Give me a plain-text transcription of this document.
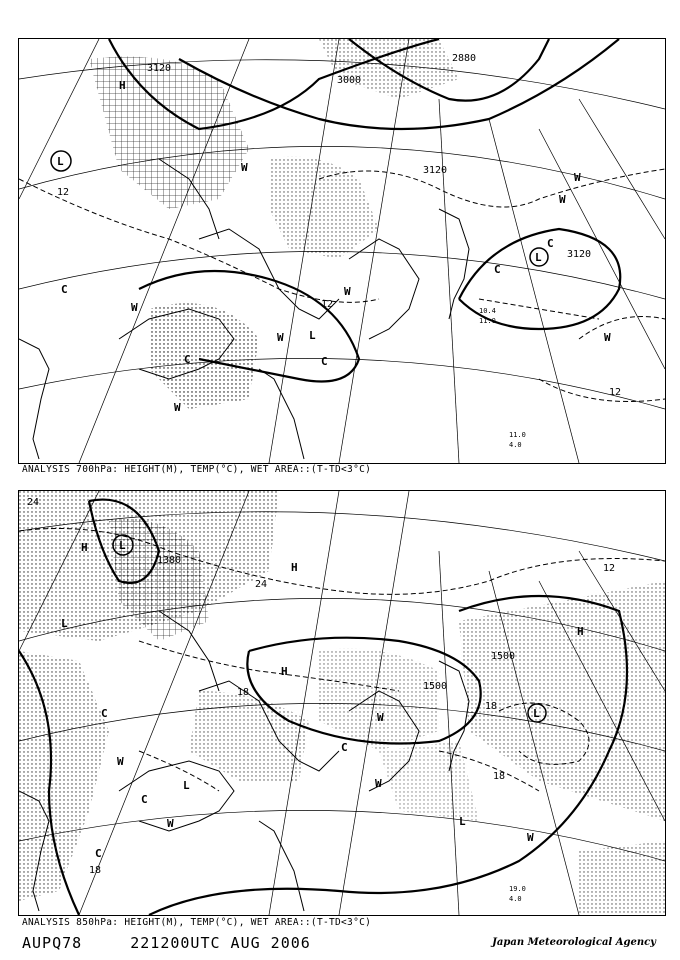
3120
3000
2880
3120
3120
12
12
12
L
L
L
H
W
W
W
W
W
W	W
W
C
C
C
C	C
11.0
4.0
10.4
11.0
ANALYSIS 700hPa: HEIGHT(M), TEMP(°C), WET AREA::(T-TD<3°C)
1380
1500
1500
24
24
18
18
18
18
12
L
L
L
L
L
H
H
H
H
W
W
W
W
W
C
C
C
C
19.0
4.0
ANALYSIS 850hPa: HEIGHT(M), TEMP(°C), WET AREA::(T-TD<3°C)
AUPQ78	221200UTC AUG 2006	Japan Meteorological Agency
